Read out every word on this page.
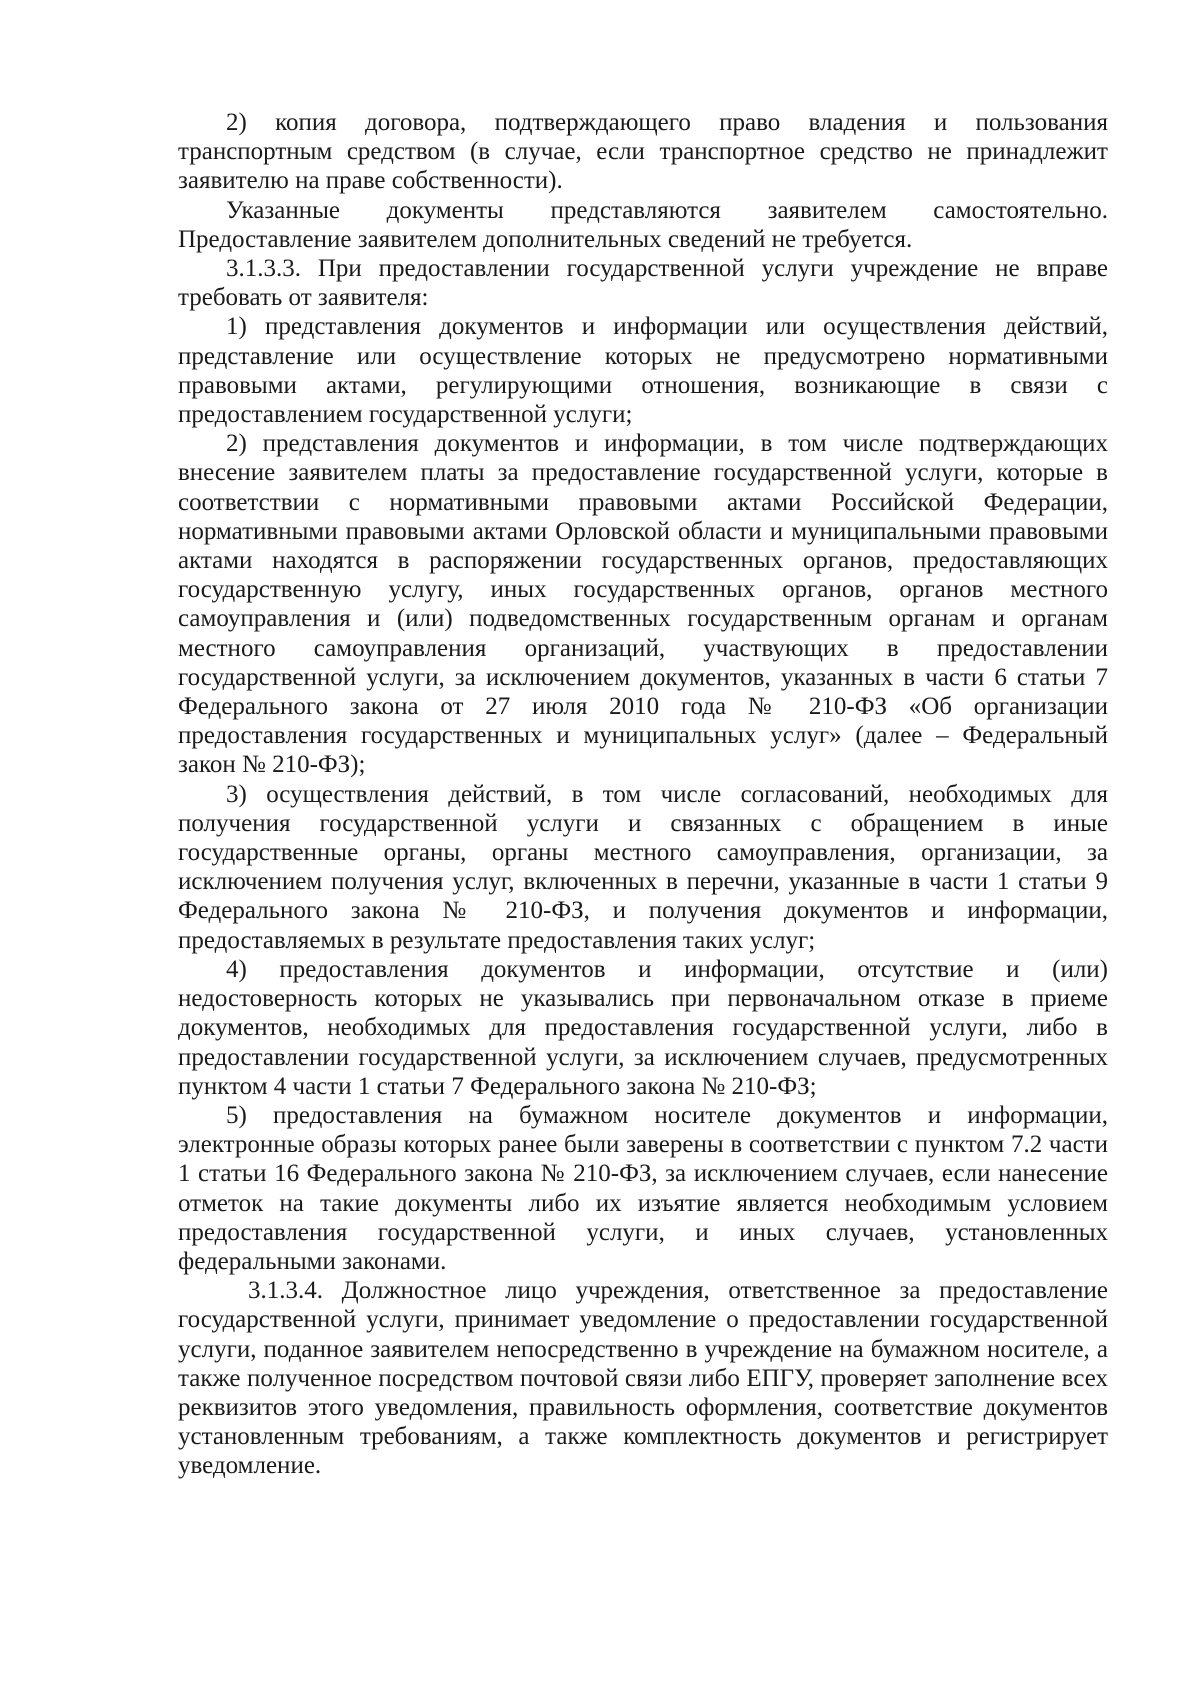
2) копия договора, подтверждающего право владения и пользования транспортным средством (в случае, если транспортное средство не принадлежит заявителю на праве собственности).

Указанные документы представляются заявителем самостоятельно. Предоставление заявителем дополнительных сведений не требуется.

3.1.3.3. При предоставлении государственной услуги учреждение не вправе требовать от заявителя:

1) представления документов и информации или осуществления действий, представление или осуществление которых не предусмотрено нормативными правовыми актами, регулирующими отношения, возникающие в связи с предоставлением государственной услуги;

2) представления документов и информации, в том числе подтверждающих внесение заявителем платы за предоставление государственной услуги, которые в соответствии с нормативными правовыми актами Российской Федерации, нормативными правовыми актами Орловской области и муниципальными правовыми актами находятся в распоряжении государственных органов, предоставляющих государственную услугу, иных государственных органов, органов местного самоуправления и (или) подведомственных государственным органам и органам местного самоуправления организаций, участвующих в предоставлении государственной услуги, за исключением документов, указанных в части 6 статьи 7 Федерального закона от 27 июля 2010 года № 210-ФЗ «Об организации предоставления государственных и муниципальных услуг» (далее – Федеральный закон № 210-ФЗ);

3) осуществления действий, в том числе согласований, необходимых для получения государственной услуги и связанных с обращением в иные государственные органы, органы местного самоуправления, организации, за исключением получения услуг, включенных в перечни, указанные в части 1 статьи 9 Федерального закона № 210-ФЗ, и получения документов и информации, предоставляемых в результате предоставления таких услуг;

4) предоставления документов и информации, отсутствие и (или) недостоверность которых не указывались при первоначальном отказе в приеме документов, необходимых для предоставления государственной услуги, либо в предоставлении государственной услуги, за исключением случаев, предусмотренных пунктом 4 части 1 статьи 7 Федерального закона № 210-ФЗ;

5) предоставления на бумажном носителе документов и информации, электронные образы которых ранее были заверены в соответствии с пунктом 7.2 части 1 статьи 16 Федерального закона № 210-ФЗ, за исключением случаев, если нанесение отметок на такие документы либо их изъятие является необходимым условием предоставления государственной услуги, и иных случаев, установленных федеральными законами.

3.1.3.4. Должностное лицо учреждения, ответственное за предоставление государственной услуги, принимает уведомление о предоставлении государственной услуги, поданное заявителем непосредственно в учреждение на бумажном носителе, а также полученное посредством почтовой связи либо ЕПГУ, проверяет заполнение всех реквизитов этого уведомления, правильность оформления, соответствие документов установленным требованиям, а также комплектность документов и регистрирует уведомление.
